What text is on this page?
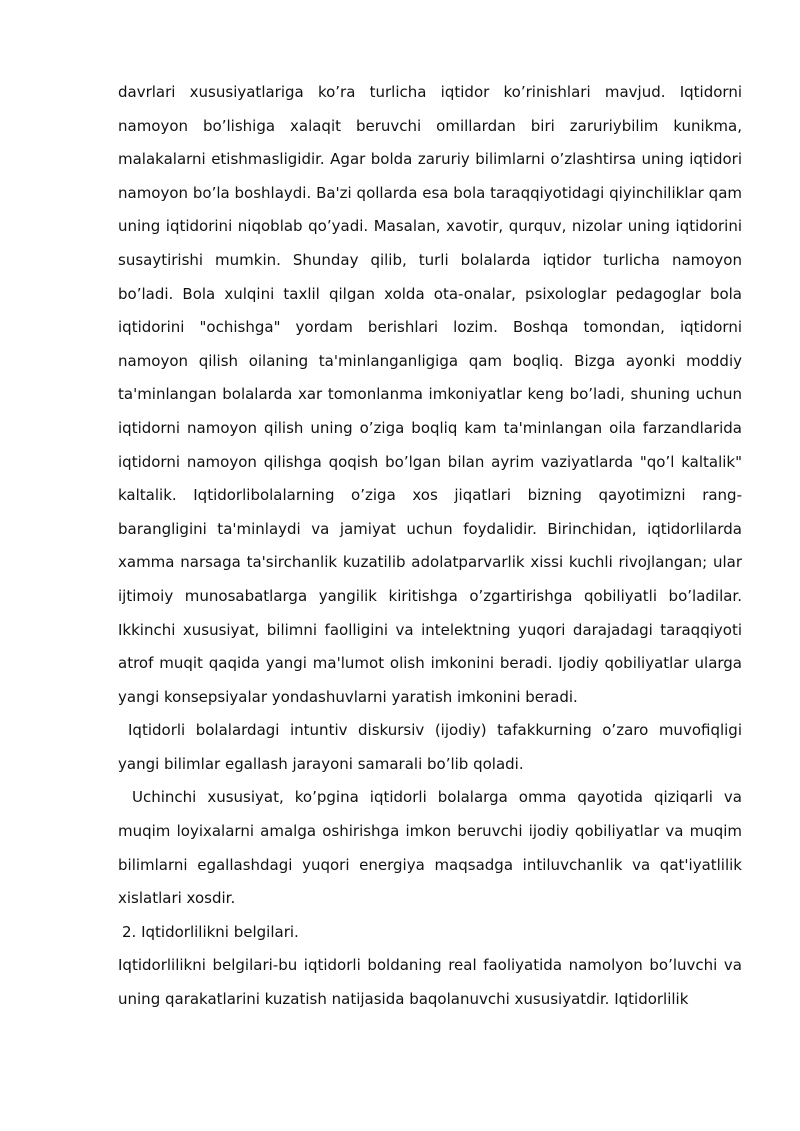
davrlari xususiyatlariga ko’ra turlicha iqtidor ko’rinishlari mavjud. Iqtidorni namoyon bo’lishiga xalaqit beruvchi omillardan biri zaruriybilim kunikma, malakalarni etishmasligidir. Agar bolda zaruriy bilimlarni o’zlashtirsa uning iqtidori namoyon bo’la boshlaydi. Ba'zi qollarda esa bola taraqqiyotidagi qiyinchiliklar qam uning iqtidorini niqoblab qo’yadi. Masalan, xavotir, qurquv, nizolar uning iqtidorini susaytirishi mumkin. Shunday qilib, turli bolalarda iqtidor turlicha namoyon bo’ladi. Bola xulqini taxlil qilgan xolda ota-onalar, psixologlar pedagoglar bola iqtidorini "ochishga" yordam berishlari lozim. Boshqa tomondan, iqtidorni namoyon qilish oilaning ta'minlanganligiga qam boqliq. Bizga ayonki moddiy ta'minlangan bolalarda xar tomonlanma imkoniyatlar keng bo’ladi, shuning uchun iqtidorni namoyon qilish uning o’ziga boqliq kam ta'minlangan oila farzandlarida iqtidorni namoyon qilishga qoqish bo’lgan bilan ayrim vaziyatlarda "qo’l kaltalik" kaltalik. Iqtidorlibolalarning o’ziga xos jiqatlari bizning qayotimizni rang-barangligini ta'minlaydi va jamiyat uchun foydalidir. Birinchidan, iqtidorlilarda xamma narsaga ta'sirchanlik kuzatilib adolatparvarlik xissi kuchli rivojlangan; ular ijtimoiy munosabatlarga yangilik kiritishga o’zgartirishga qobiliyatli bo’ladilar. Ikkinchi xususiyat, bilimni faolligini va intelektning yuqori darajadagi taraqqiyoti atrof muqit qaqida yangi ma'lumot olish imkonini beradi. Ijodiy qobiliyatlar ularga yangi konsepsiyalar yondashuvlarni yaratish imkonini beradi.

Iqtidorli bolalardagi intuntiv diskursiv (ijodiy) tafakkurning o’zaro muvofiqligi yangi bilimlar egallash jarayoni samarali bo’lib qoladi.

Uchinchi xususiyat, ko’pgina iqtidorli bolalarga omma qayotida qiziqarli va muqim loyixalarni amalga oshirishga imkon beruvchi ijodiy qobiliyatlar va muqim bilimlarni egallashdagi yuqori energiya maqsadga intiluvchanlik va qat'iyatlilik xislatlari xosdir.

2. Iqtidorlilikni belgilari.

Iqtidorlilikni belgilari-bu iqtidorli boldaning real faoliyatida namolyon bo’luvchi va uning qarakatlarini kuzatish natijasida baqolanuvchi xususiyatdir. Iqtidorlilik
